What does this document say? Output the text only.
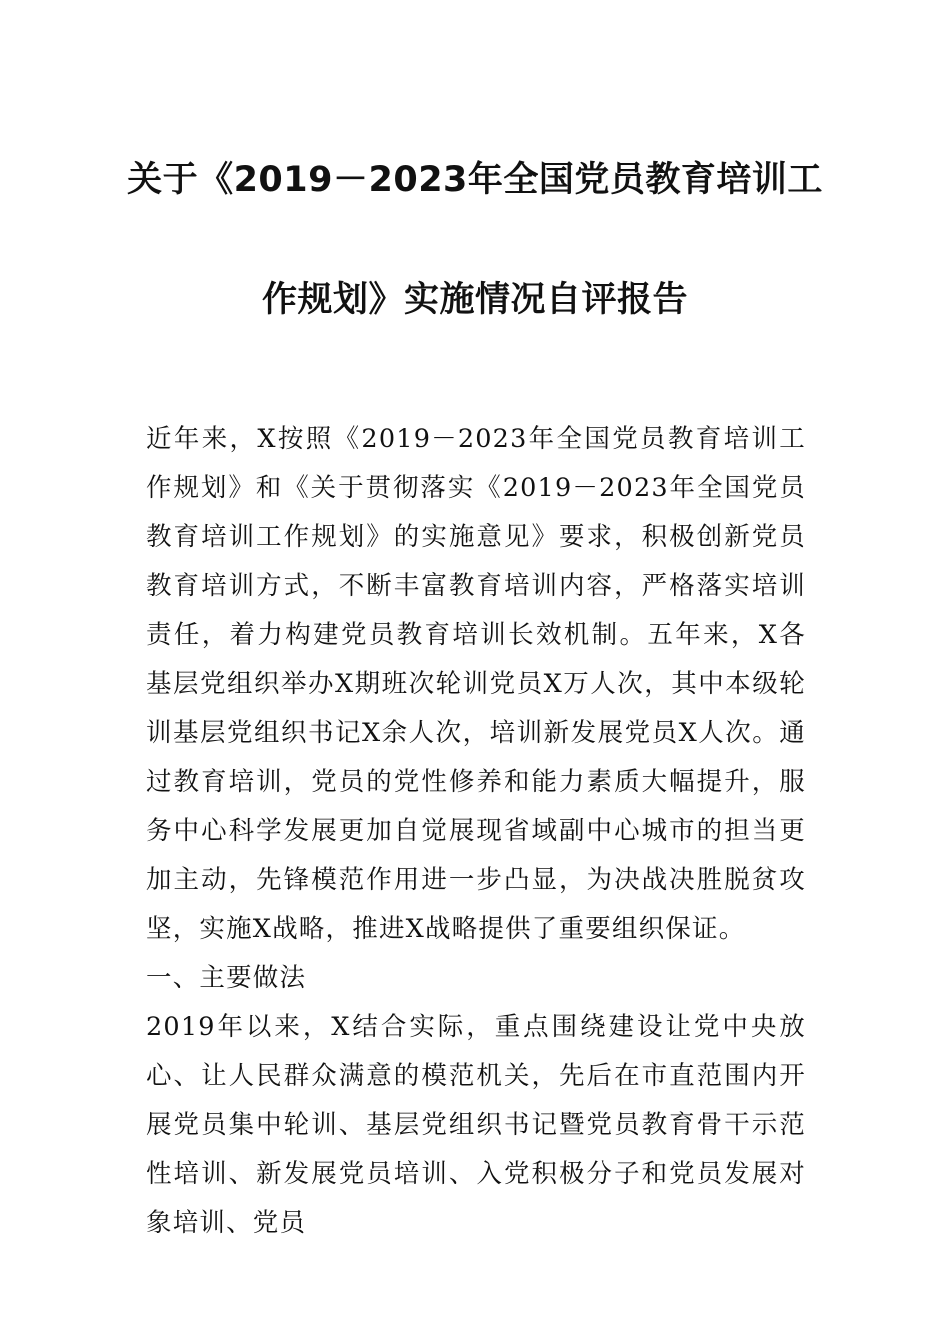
关于《2019－2023年全国党员教育培训工
作规划》实施情况自评报告

近年来，X按照《2019－2023年全国党员教育培训工作规划》和《关于贯彻落实《2019－2023年全国党员教育培训工作规划》的实施意见》要求，积极创新党员教育培训方式，不断丰富教育培训内容，严格落实培训责任，着力构建党员教育培训长效机制。五年来，X各基层党组织举办X期班次轮训党员X万人次，其中本级轮训基层党组织书记X余人次，培训新发展党员X人次。通过教育培训，党员的党性修养和能力素质大幅提升，服务中心科学发展更加自觉展现省域副中心城市的担当更加主动，先锋模范作用进一步凸显，为决战决胜脱贫攻坚，实施X战略，推进X战略提供了重要组织保证。

一、主要做法

2019年以来，X结合实际，重点围绕建设让党中央放心、让人民群众满意的模范机关，先后在市直范围内开展党员集中轮训、基层党组织书记暨党员教育骨干示范性培训、新发展党员培训、入党积极分子和党员发展对象培训、党员
